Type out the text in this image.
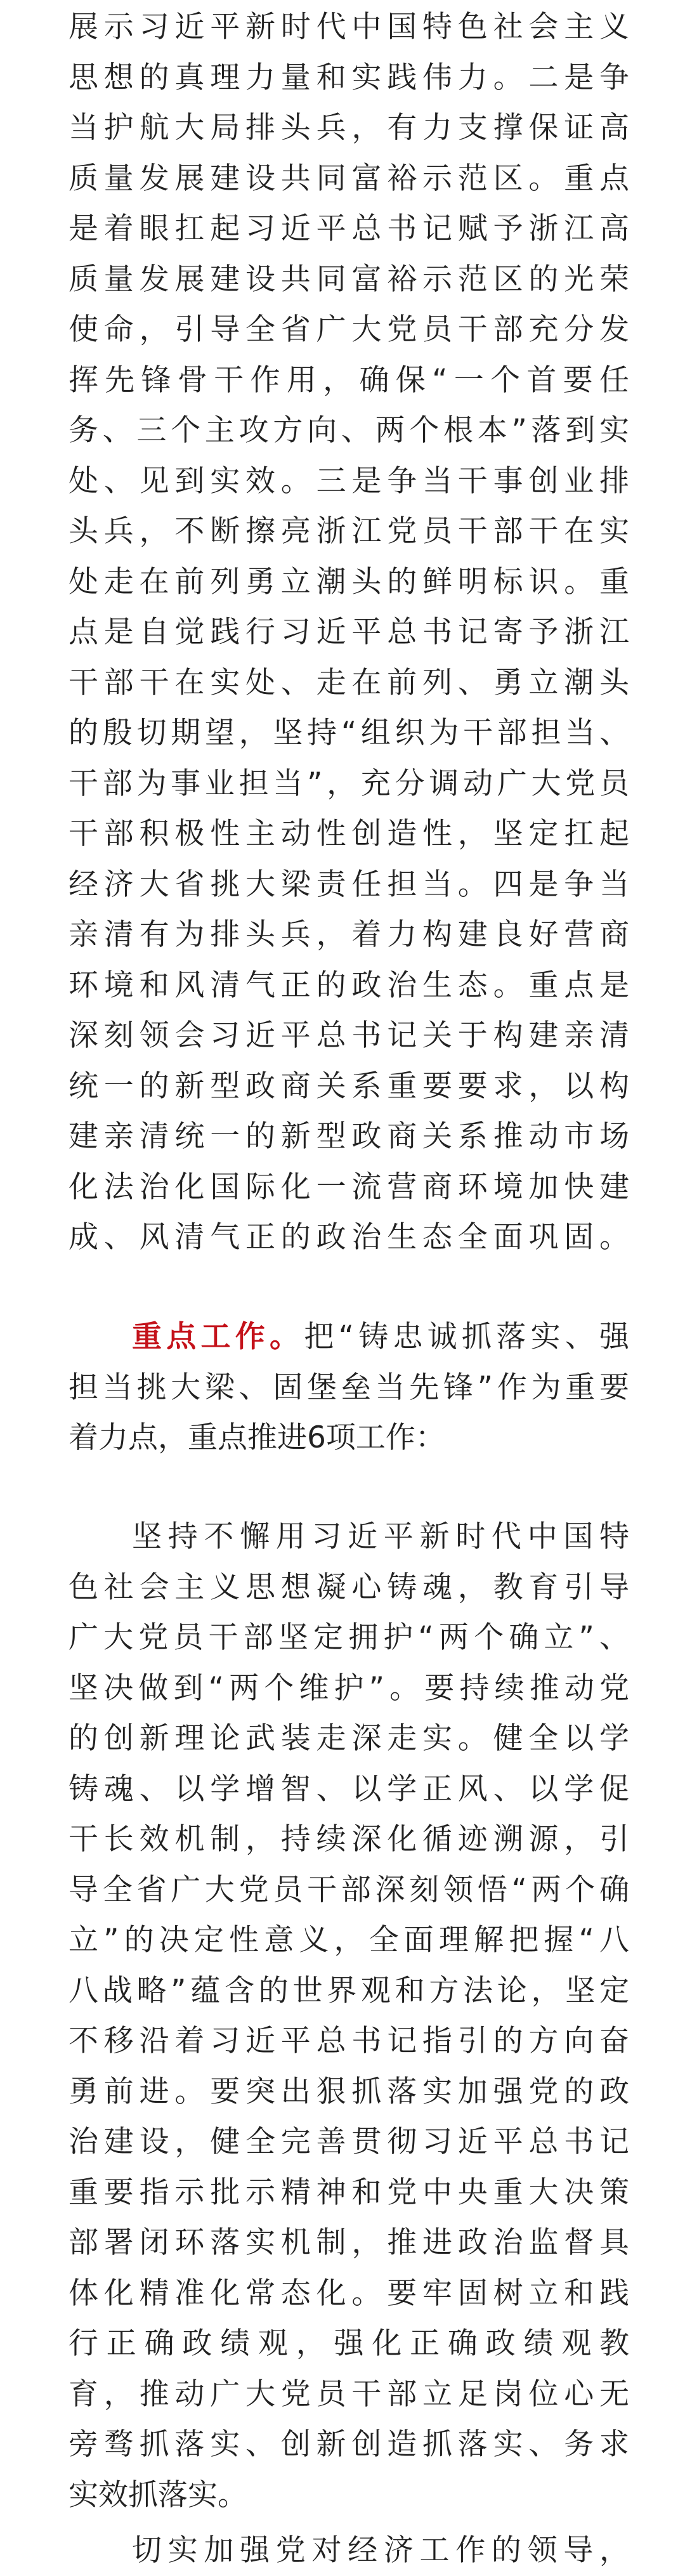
展示习近平新时代中国特色社会主义
思想的真理力量和实践伟力。二是争
当护航大局排头兵，有力支撑保证高
质量发展建设共同富裕示范区。重点
是着眼扛起习近平总书记赋予浙江高
质量发展建设共同富裕示范区的光荣
使命，引导全省广大党员干部充分发
挥先锋骨干作用，确保“一个首要任
务、三个主攻方向、两个根本”落到实
处、见到实效。三是争当干事创业排
头兵，不断擦亮浙江党员干部干在实
处走在前列勇立潮头的鲜明标识。重
点是自觉践行习近平总书记寄予浙江
干部干在实处、走在前列、勇立潮头
的殷切期望，坚持“组织为干部担当、
干部为事业担当”，充分调动广大党员
干部积极性主动性创造性，坚定扛起
经济大省挑大梁责任担当。四是争当
亲清有为排头兵，着力构建良好营商
环境和风清气正的政治生态。重点是
深刻领会习近平总书记关于构建亲清
统一的新型政商关系重要要求，以构
建亲清统一的新型政商关系推动市场
化法治化国际化一流营商环境加快建
成、风清气正的政治生态全面巩固。
重点工作。把“铸忠诚抓落实、强
担当挑大梁、固堡垒当先锋”作为重要
着力点，重点推进6项工作：
坚持不懈用习近平新时代中国特
色社会主义思想凝心铸魂，教育引导
广大党员干部坚定拥护“两个确立”、
坚决做到“两个维护”。要持续推动党
的创新理论武装走深走实。健全以学
铸魂、以学增智、以学正风、以学促
干长效机制，持续深化循迹溯源，引
导全省广大党员干部深刻领悟“两个确
立”的决定性意义，全面理解把握“八
八战略”蕴含的世界观和方法论，坚定
不移沿着习近平总书记指引的方向奋
勇前进。要突出狠抓落实加强党的政
治建设，健全完善贯彻习近平总书记
重要指示批示精神和党中央重大决策
部署闭环落实机制，推进政治监督具
体化精准化常态化。要牢固树立和践
行正确政绩观，强化正确政绩观教
育，推动广大党员干部立足岗位心无
旁骛抓落实、创新创造抓落实、务求
实效抓落实。
切实加强党对经济工作的领导，
